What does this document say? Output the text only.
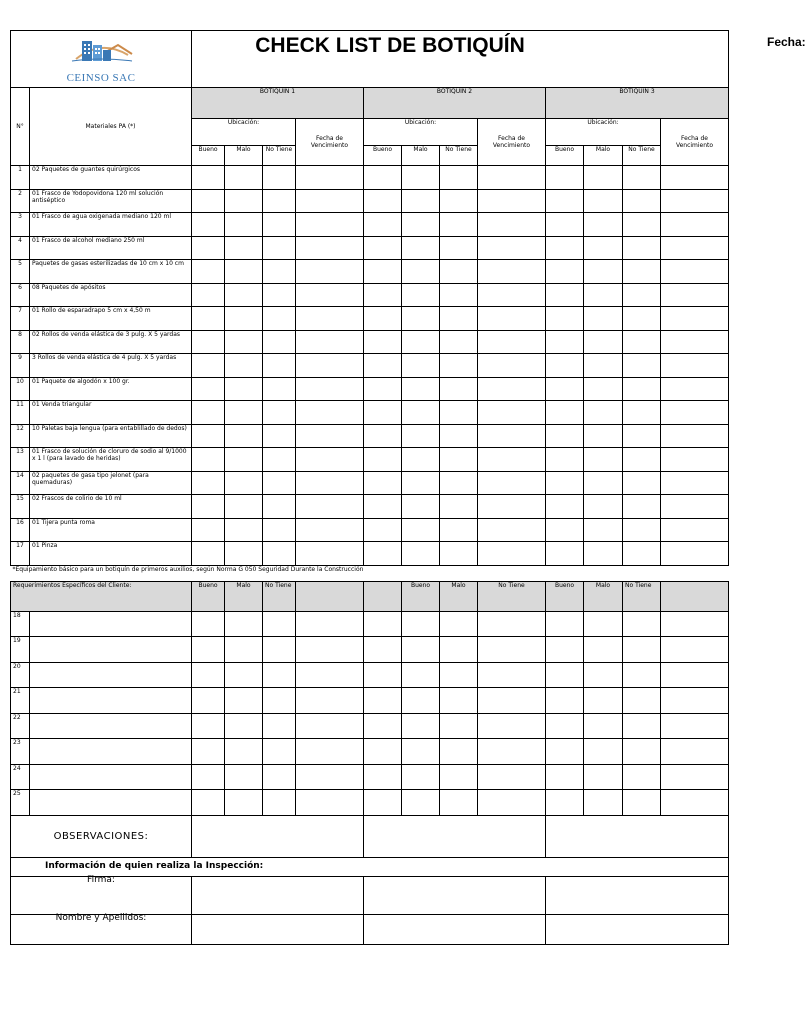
CEINSO SAC		CHECK LIST DE BOTIQUÍN Fecha:											

N°	Materiales PA (*)	BOTIQUÍN 1				BOTIQUÍN 2				BOTIQUÍN 3			
		Ubicación:			Fecha de Vencimiento	Ubicación:			Fecha de Vencimiento	Ubicación:			Fecha de Vencimiento
		Bueno	Malo	No Tiene		Bueno	Malo	No Tiene		Bueno	Malo	No Tiene	
1	02 Paquetes de guantes quirúrgicos												
2	01 Frasco de Yodopovidona 120 ml solución antiséptico												
3	01 Frasco de agua oxigenada mediano 120 ml												
4	01 Frasco de alcohol mediano 250 ml												
5	Paquetes de gasas esterilizadas de 10 cm x 10 cm												
6	08 Paquetes de apósitos												
7	01 Rollo de esparadrapo 5 cm x 4,50 m												
8	02 Rollos de venda elástica de 3 pulg. X 5 yardas												
9	3 Rollos de venda elástica de 4 pulg. X 5 yardas												
10	01 Paquete de algodón x 100 gr.												
11	01 Venda triangular												
12	10 Paletas baja lengua (para entablillado de dedos)												
13	01 Frasco de solución de cloruro de sodio al 9/1000 x 1 l (para lavado de heridas)												
14	02 paquetes de gasa tipo jelonet (para quemaduras)												
15	02 Frascos de colirio de 10 ml												
16	01 Tijera punta roma												
17	01 Pinza												
*Equipamiento básico para un botiquín de primeros auxilios, según Norma G 050 Seguridad Durante la Construcción													
Requerimientos Específicos del Cliente:		Bueno	Malo	No Tiene			Bueno	Malo	No Tiene	Bueno	Malo	No Tiene	
18													
19													
20													
21													
22													
23													
24													
25													
OBSERVACIONES:													
Información de quien realiza la Inspección:													
Firma:													
Nombre y Apellidos:													
